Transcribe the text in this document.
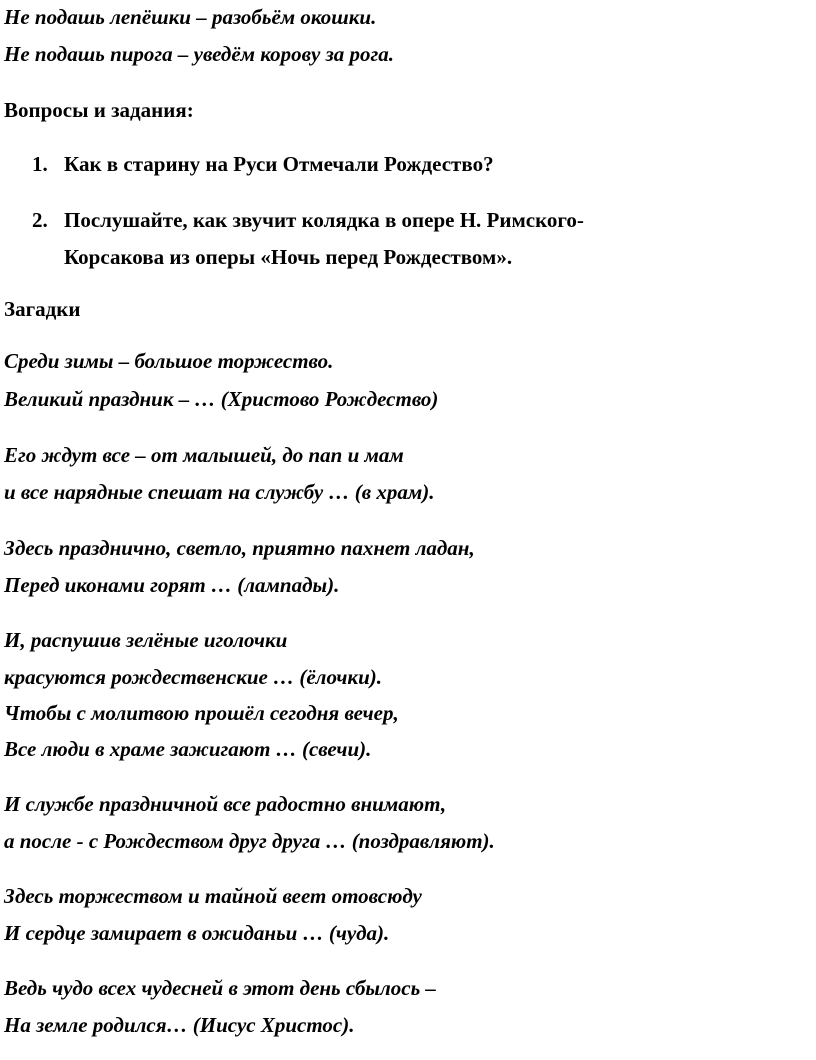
Не подашь лепёшки – разобьём окошки.
Не подашь пирога – уведём корову за рога.
Вопросы и задания:
1. Как в старину на Руси Отмечали Рождество?
2. Послушайте, как звучит колядка в опере Н. Римского-
Корсакова из оперы «Ночь перед Рождеством».
Загадки
Среди зимы – большое торжество.
Великий праздник – … (Христово Рождество)
Его ждут все – от малышей, до пап и мам
и все нарядные спешат на службу … (в храм).
Здесь празднично, светло, приятно пахнет ладан,
Перед иконами горят … (лампады).
И, распушив зелёные иголочки
красуются рождественские … (ёлочки).
Чтобы с молитвою прошёл сегодня вечер,
Все люди в храме зажигают … (свечи).
И службе праздничной все радостно внимают,
а после - с Рождеством друг друга … (поздравляют).
Здесь торжеством и тайной веет отовсюду
И сердце замирает в ожиданьи … (чуда).
Ведь чудо всех чудесней в этот день сбылось –
На земле родился… (Иисус Христос).
